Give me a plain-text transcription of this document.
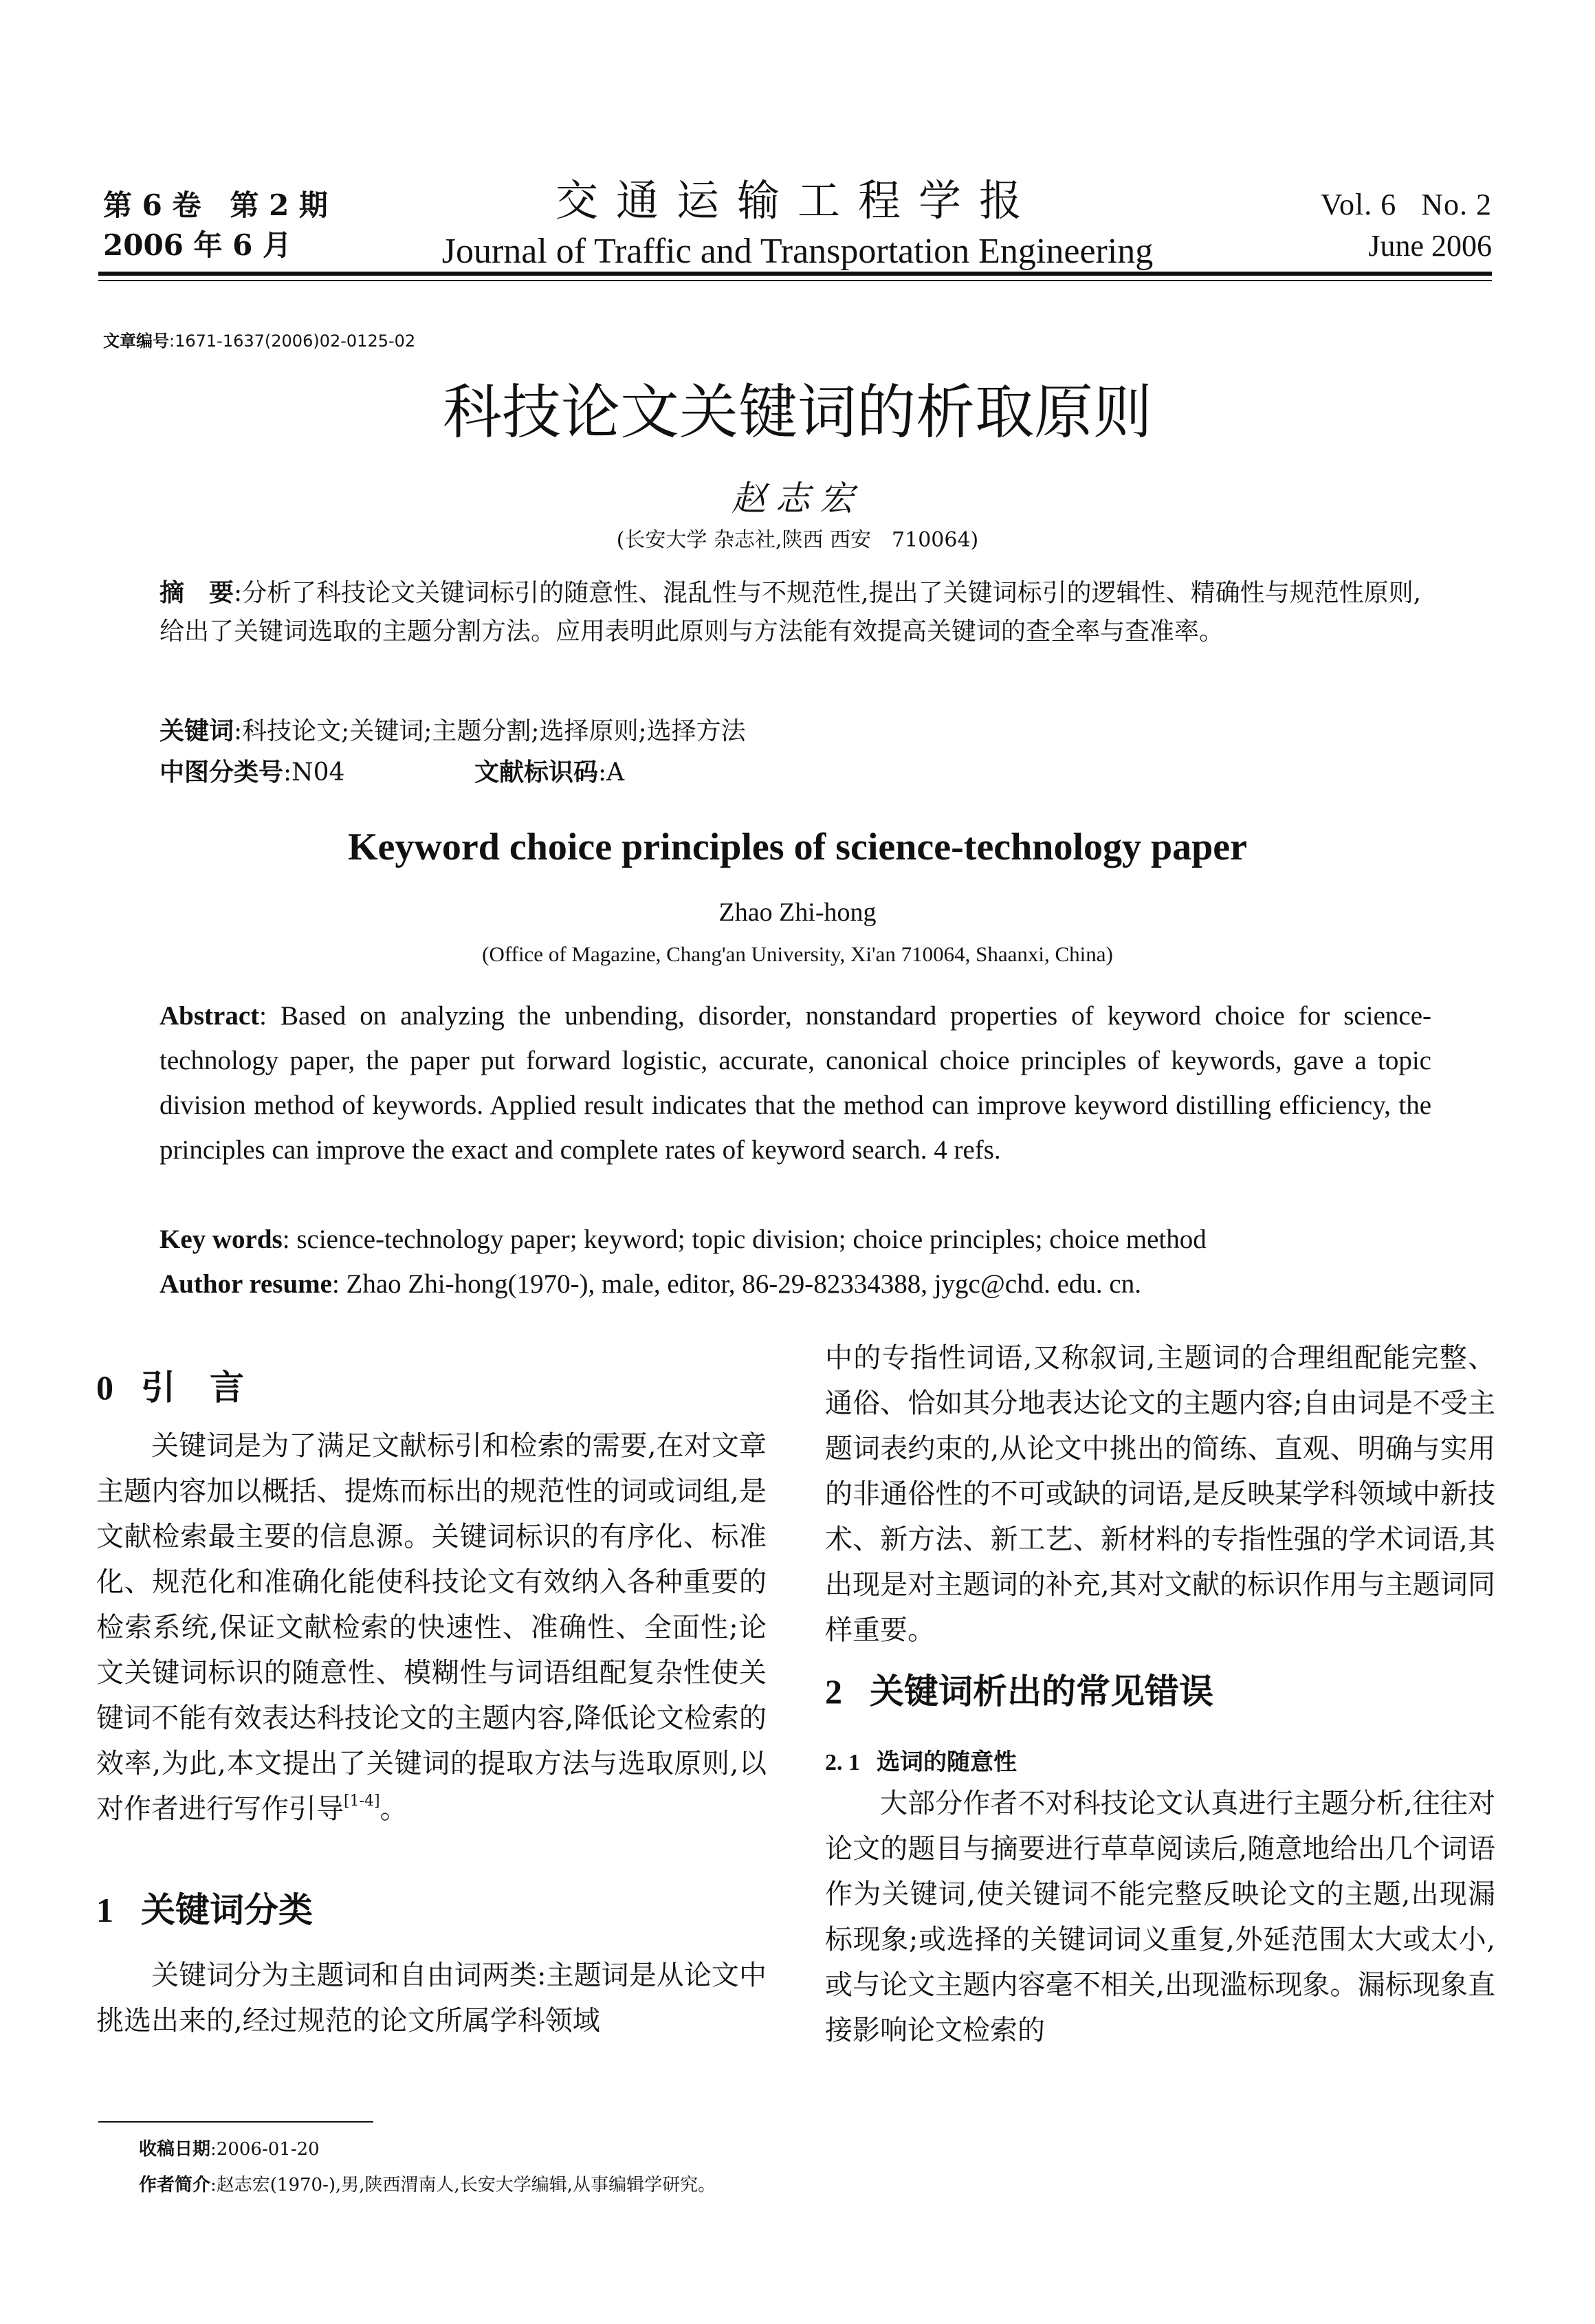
第 6 卷　第 2 期
2006 年 6 月
交通运输工程学报
Journal of Traffic and Transportation Engineering
Vol. 6 No. 2
June 2006
文章编号:1671-1637(2006)02-0125-02
科技论文关键词的析取原则
赵志宏
(长安大学 杂志社,陕西 西安　710064)
摘　要:分析了科技论文关键词标引的随意性、混乱性与不规范性,提出了关键词标引的逻辑性、精确性与规范性原则,给出了关键词选取的主题分割方法。应用表明此原则与方法能有效提高关键词的查全率与查准率。
关键词:科技论文;关键词;主题分割;选择原则;选择方法
中图分类号:N04	文献标识码:A
Keyword choice principles of science-technology paper
Zhao Zhi-hong
(Office of Magazine, Chang'an University, Xi'an 710064, Shaanxi, China)
Abstract: Based on analyzing the unbending, disorder, nonstandard properties of keyword choice for science-technology paper, the paper put forward logistic, accurate, canonical choice principles of keywords, gave a topic division method of keywords. Applied result indicates that the method can improve keyword distilling efficiency, the principles can improve the exact and complete rates of keyword search. 4 refs.
Key words: science-technology paper; keyword; topic division; choice principles; choice method
Author resume: Zhao Zhi-hong(1970-), male, editor, 86-29-82334388, jygc@chd. edu. cn.
0 引　言
关键词是为了满足文献标引和检索的需要,在对文章主题内容加以概括、提炼而标出的规范性的词或词组,是文献检索最主要的信息源。关键词标识的有序化、标准化、规范化和准确化能使科技论文有效纳入各种重要的检索系统,保证文献检索的快速性、准确性、全面性;论文关键词标识的随意性、模糊性与词语组配复杂性使关键词不能有效表达科技论文的主题内容,降低论文检索的效率,为此,本文提出了关键词的提取方法与选取原则,以对作者进行写作引导[1-4]。
1 关键词分类
关键词分为主题词和自由词两类:主题词是从论文中挑选出来的,经过规范的论文所属学科领域
中的专指性词语,又称叙词,主题词的合理组配能完整、通俗、恰如其分地表达论文的主题内容;自由词是不受主题词表约束的,从论文中挑出的简练、直观、明确与实用的非通俗性的不可或缺的词语,是反映某学科领域中新技术、新方法、新工艺、新材料的专指性强的学术词语,其出现是对主题词的补充,其对文献的标识作用与主题词同样重要。
2 关键词析出的常见错误
2. 1 选词的随意性
大部分作者不对科技论文认真进行主题分析,往往对论文的题目与摘要进行草草阅读后,随意地给出几个词语作为关键词,使关键词不能完整反映论文的主题,出现漏标现象;或选择的关键词词义重复,外延范围太大或太小,或与论文主题内容毫不相关,出现滥标现象。漏标现象直接影响论文检索的
收稿日期:2006-01-20
作者简介:赵志宏(1970-),男,陕西渭南人,长安大学编辑,从事编辑学研究。
